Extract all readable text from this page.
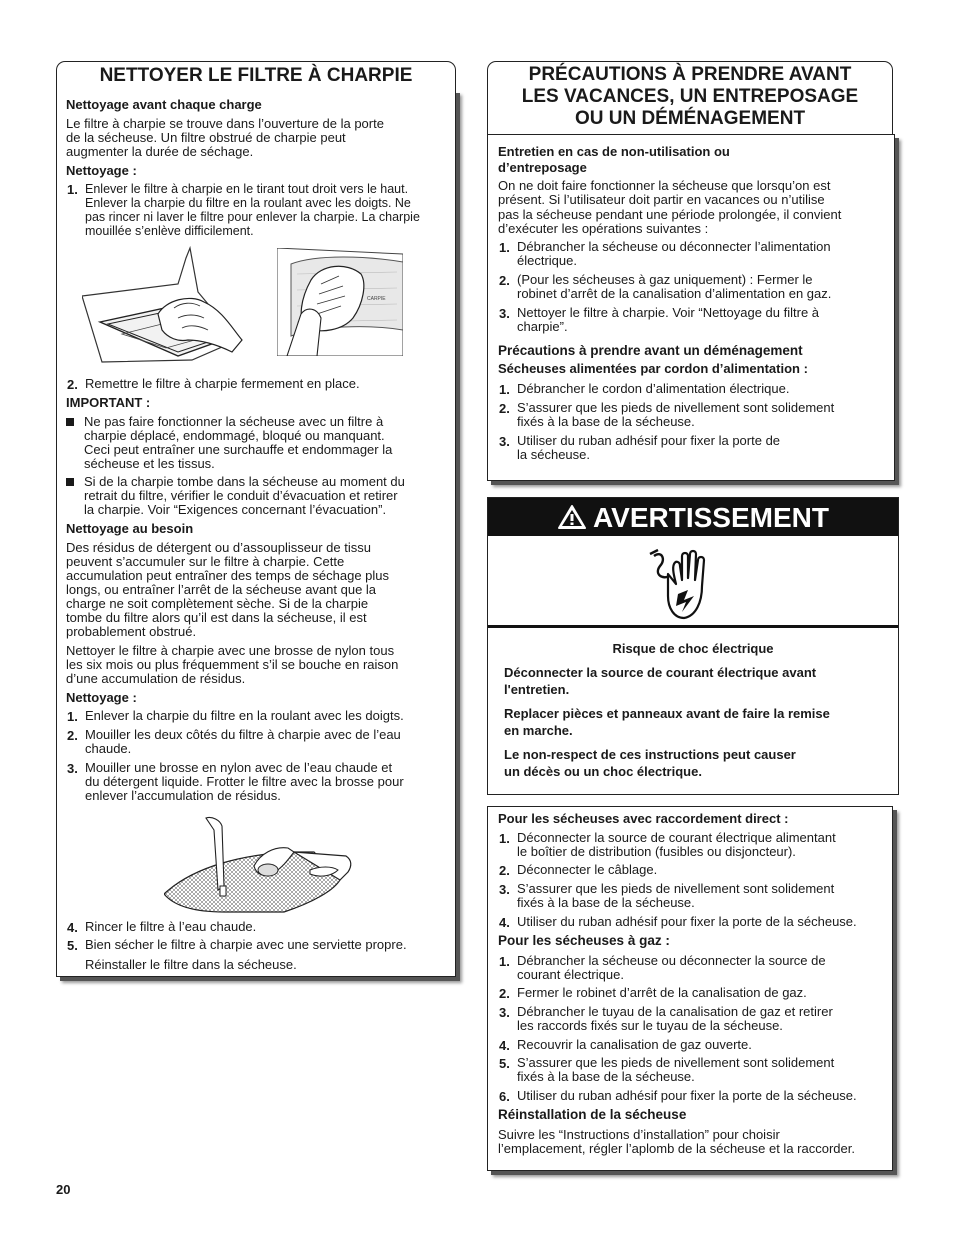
NETTOYER LE FILTRE À CHARPIE
Nettoyage avant chaque charge
Le filtre à charpie se trouve dans l’ouverture de la porte
de la sécheuse. Un filtre obstrué de charpie peut
augmenter la durée de séchage.
Nettoyage :
1. Enlever le filtre à charpie en le tirant tout droit vers le haut.
Enlever la charpie du filtre en la roulant avec les doigts. Ne
pas rincer ni laver le filtre pour enlever la charpie. La charpie
mouillée s’enlève difficilement.
CARPIE
2. Remettre le filtre à charpie fermement en place.
IMPORTANT :
Ne pas faire fonctionner la sécheuse avec un filtre à
charpie déplacé, endommagé, bloqué ou manquant.
Ceci peut entraîner une surchauffe et endommager la
sécheuse et les tissus.
Si de la charpie tombe dans la sécheuse au moment du
retrait du filtre, vérifier le conduit d’évacuation et retirer
la charpie. Voir “Exigences concernant l’évacuation”.
Nettoyage au besoin
Des résidus de détergent ou d’assouplisseur de tissu
peuvent s’accumuler sur le filtre à charpie. Cette
accumulation peut entraîner des temps de séchage plus
longs, ou entraîner l’arrêt de la sécheuse avant que la
charge ne soit complètement sèche. Si de la charpie
tombe du filtre alors qu’il est dans la sécheuse, il est
probablement obstrué.
Nettoyer le filtre à charpie avec une brosse de nylon tous
les six mois ou plus fréquemment s’il se bouche en raison
d’une accumulation de résidus.
Nettoyage :
1. Enlever la charpie du filtre en la roulant avec les doigts.
2. Mouiller les deux côtés du filtre à charpie avec de l’eau
chaude.
3. Mouiller une brosse en nylon avec de l’eau chaude et
du détergent liquide. Frotter le filtre avec la brosse pour
enlever l’accumulation de résidus.
4. Rincer le filtre à l’eau chaude.
5. Bien sécher le filtre à charpie avec une serviette propre.
Réinstaller le filtre dans la sécheuse.
PRÉCAUTIONS À PRENDRE AVANT
LES VACANCES, UN ENTREPOSAGE
OU UN DÉMÉNAGEMENT
Entretien en cas de non-utilisation ou
d’entreposage
On ne doit faire fonctionner la sécheuse que lorsqu’on est
présent. Si l’utilisateur doit partir en vacances ou n’utilise
pas la sécheuse pendant une période prolongée, il convient
d’exécuter les opérations suivantes :
1. Débrancher la sécheuse ou déconnecter l’alimentation
électrique.
2. (Pour les sécheuses à gaz uniquement) : Fermer le
robinet d’arrêt de la canalisation d’alimentation en gaz.
3. Nettoyer le filtre à charpie. Voir “Nettoyage du filtre à
charpie”.
Précautions à prendre avant un déménagement
Sécheuses alimentées par cordon d’alimentation :
1. Débrancher le cordon d’alimentation électrique.
2. S’assurer que les pieds de nivellement sont solidement
fixés à la base de la sécheuse.
3. Utiliser du ruban adhésif pour fixer la porte de
la sécheuse.
AVERTISSEMENT
Risque de choc électrique
Déconnecter la source de courant électrique avant
l'entretien.
Replacer pièces et panneaux avant de faire la remise
en marche.
Le non-respect de ces instructions peut causer
un décès ou un choc électrique.
Pour les sécheuses avec raccordement direct :
1. Déconnecter la source de courant électrique alimentant
le boîtier de distribution (fusibles ou disjoncteur).
2. Déconnecter le câblage.
3. S’assurer que les pieds de nivellement sont solidement
fixés à la base de la sécheuse.
4. Utiliser du ruban adhésif pour fixer la porte de la sécheuse.
Pour les sécheuses à gaz :
1. Débrancher la sécheuse ou déconnecter la source de
courant électrique.
2. Fermer le robinet d’arrêt de la canalisation de gaz.
3. Débrancher le tuyau de la canalisation de gaz et retirer
les raccords fixés sur le tuyau de la sécheuse.
4. Recouvrir la canalisation de gaz ouverte.
5. S’assurer que les pieds de nivellement sont solidement
fixés à la base de la sécheuse.
6. Utiliser du ruban adhésif pour fixer la porte de la sécheuse.
Réinstallation de la sécheuse
Suivre les “Instructions d’installation” pour choisir
l’emplacement, régler l’aplomb de la sécheuse et la raccorder.
20
